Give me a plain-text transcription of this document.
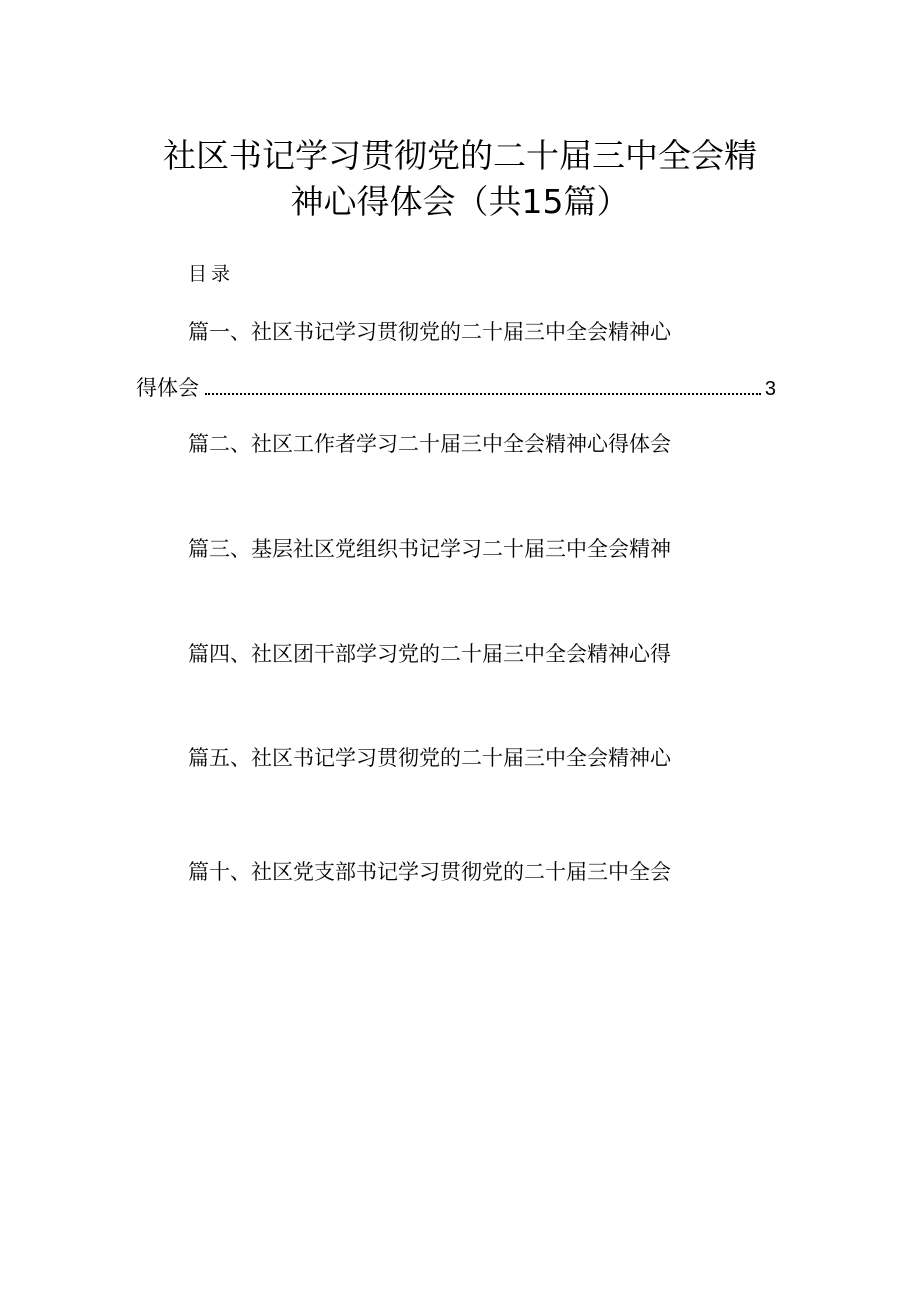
社区书记学习贯彻党的二十届三中全会精
神心得体会（共15篇）
目录
篇一、社区书记学习贯彻党的二十届三中全会精神心
得体会	3
篇二、社区工作者学习二十届三中全会精神心得体会
篇三、基层社区党组织书记学习二十届三中全会精神
篇四、社区团干部学习党的二十届三中全会精神心得
篇五、社区书记学习贯彻党的二十届三中全会精神心
篇十、社区党支部书记学习贯彻党的二十届三中全会
